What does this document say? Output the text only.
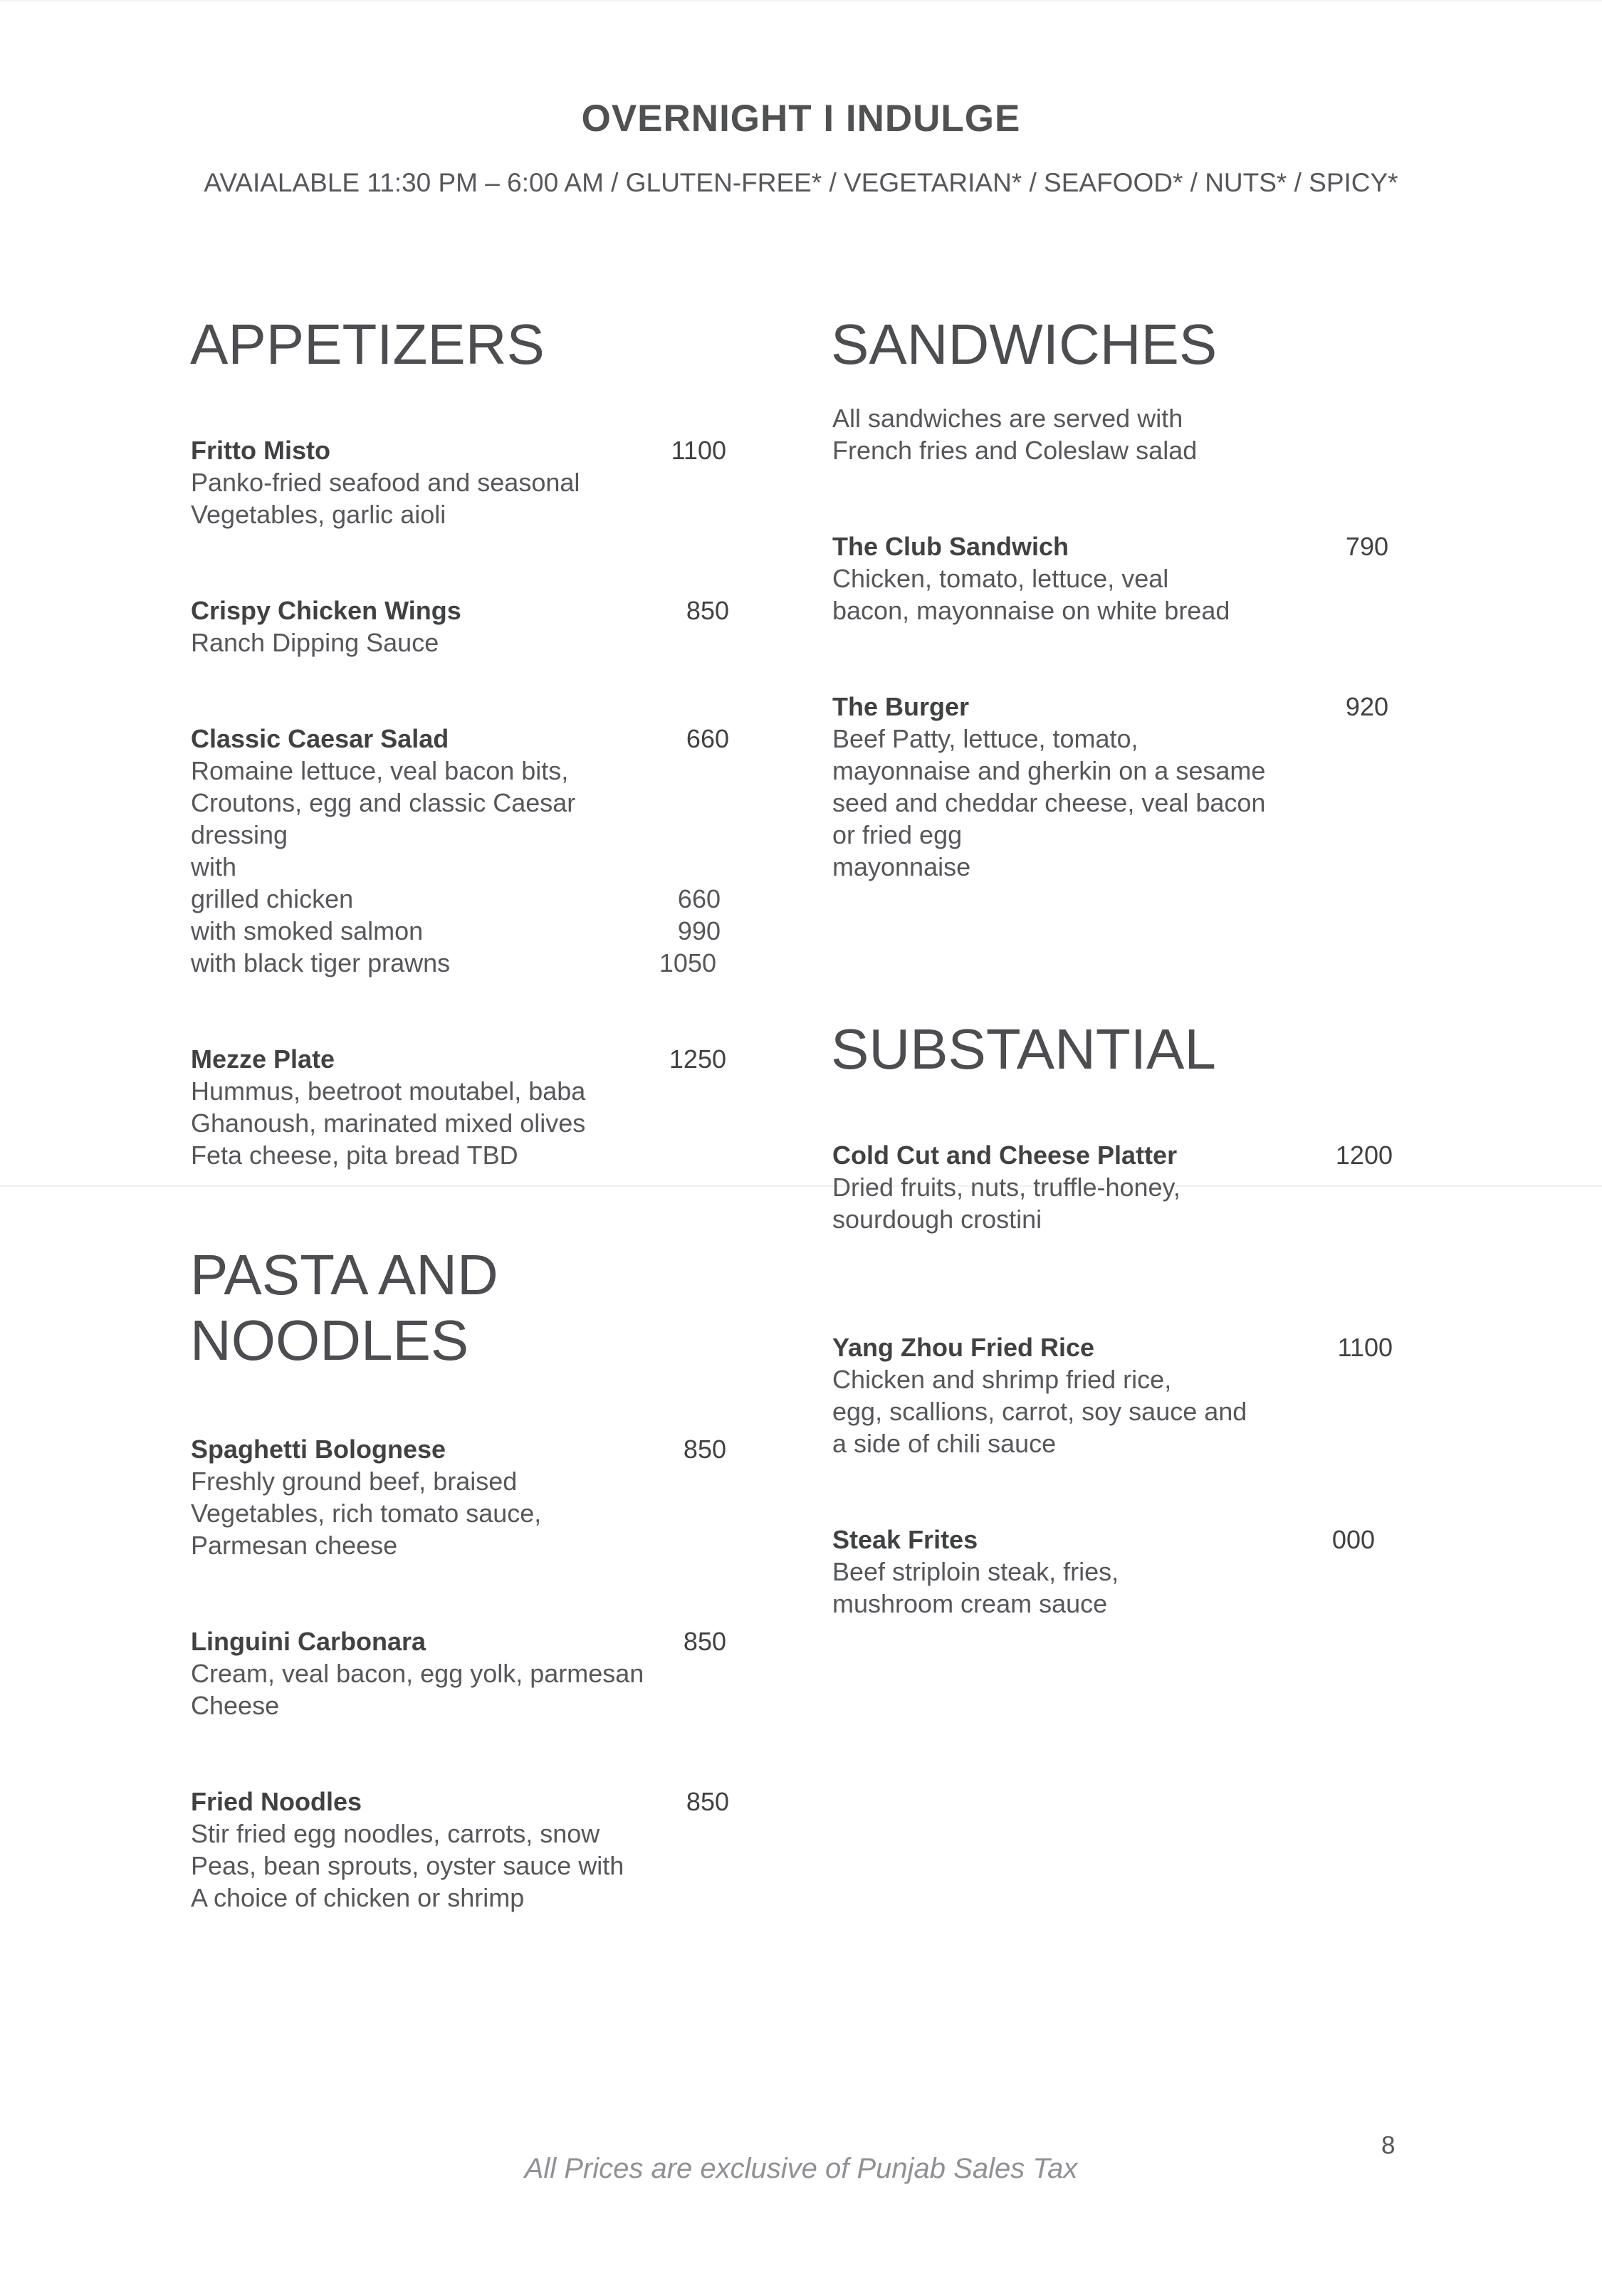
OVERNIGHT I INDULGE
AVAIALABLE 11:30 PM – 6:00 AM / GLUTEN-FREE* / VEGETARIAN* / SEAFOOD* / NUTS* / SPICY*
APPETIZERS
Fritto Misto	1100
Panko-fried seafood and seasonal
Vegetables, garlic aioli
Crispy Chicken Wings	850
Ranch Dipping Sauce
Classic Caesar Salad	660
Romaine lettuce, veal bacon bits,
Croutons, egg and classic Caesar
dressing
with
grilled chicken	660
with smoked salmon	990
with black tiger prawns	1050
Mezze Plate	1250
Hummus, beetroot moutabel, baba
Ghanoush, marinated mixed olives
Feta cheese, pita bread TBD
PASTA AND
NOODLES
Spaghetti Bolognese	850
Freshly ground beef, braised
Vegetables, rich tomato sauce,
Parmesan cheese
Linguini Carbonara	850
Cream, veal bacon, egg yolk, parmesan
Cheese
Fried Noodles	850
Stir fried egg noodles, carrots, snow
Peas, bean sprouts, oyster sauce with
A choice of chicken or shrimp
SANDWICHES
All sandwiches are served with
French fries and Coleslaw salad
The Club Sandwich	790
Chicken, tomato, lettuce, veal
bacon, mayonnaise on white bread
The Burger	920
Beef Patty, lettuce, tomato,
mayonnaise and gherkin on a sesame
seed and cheddar cheese, veal bacon
or fried egg
mayonnaise
SUBSTANTIAL
Cold Cut and Cheese Platter	1200
Dried fruits, nuts, truffle-honey,
sourdough crostini
Yang Zhou Fried Rice	1100
Chicken and shrimp fried rice,
egg, scallions, carrot, soy sauce and
a side of chili sauce
Steak Frites	000
Beef striploin steak, fries,
mushroom cream sauce
All Prices are exclusive of Punjab Sales Tax
8
